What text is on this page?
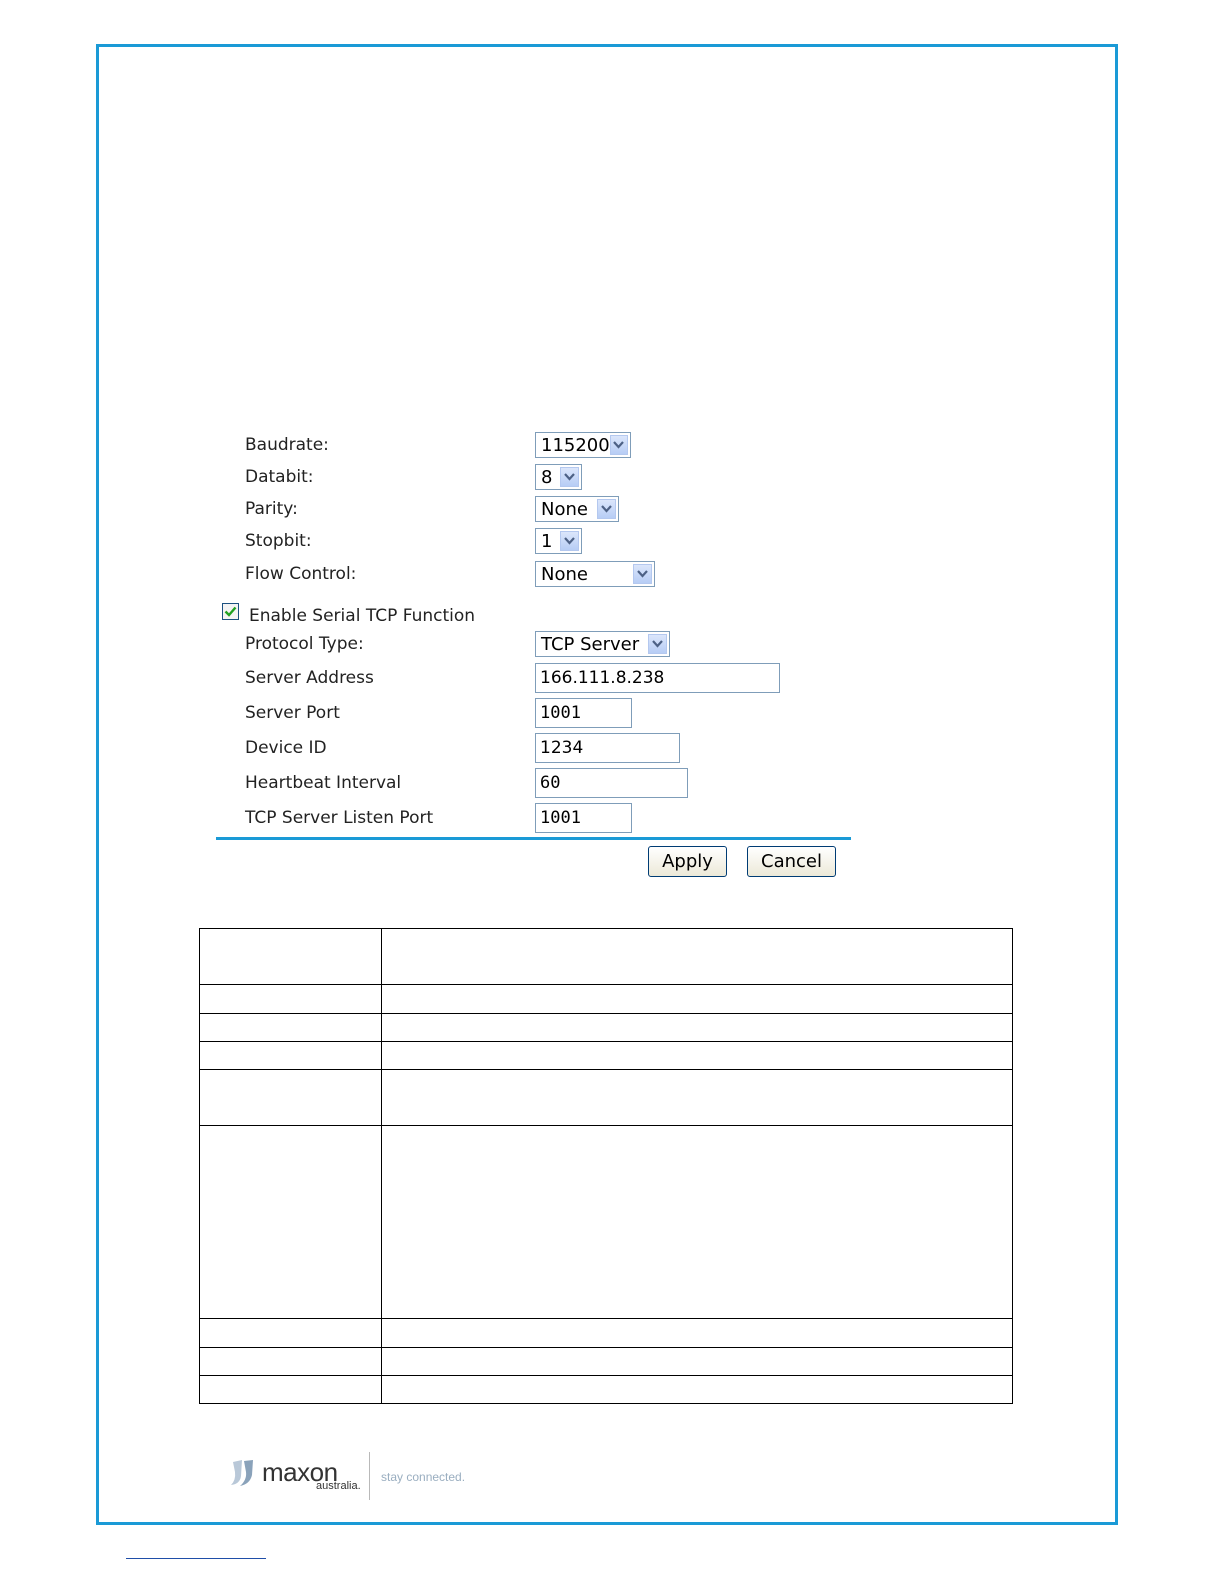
Baudrate:	115200
Databit:	8
Parity:	None
Stopbit:	1
Flow Control:	None
Enable Serial TCP Function
Protocol Type:	TCP Server
Server Address	166.111.8.238
Server Port	1001
Device ID	1234
Heartbeat Interval	60
TCP Server Listen Port	1001
Apply	Cancel

maxon
australia.
stay connected.
